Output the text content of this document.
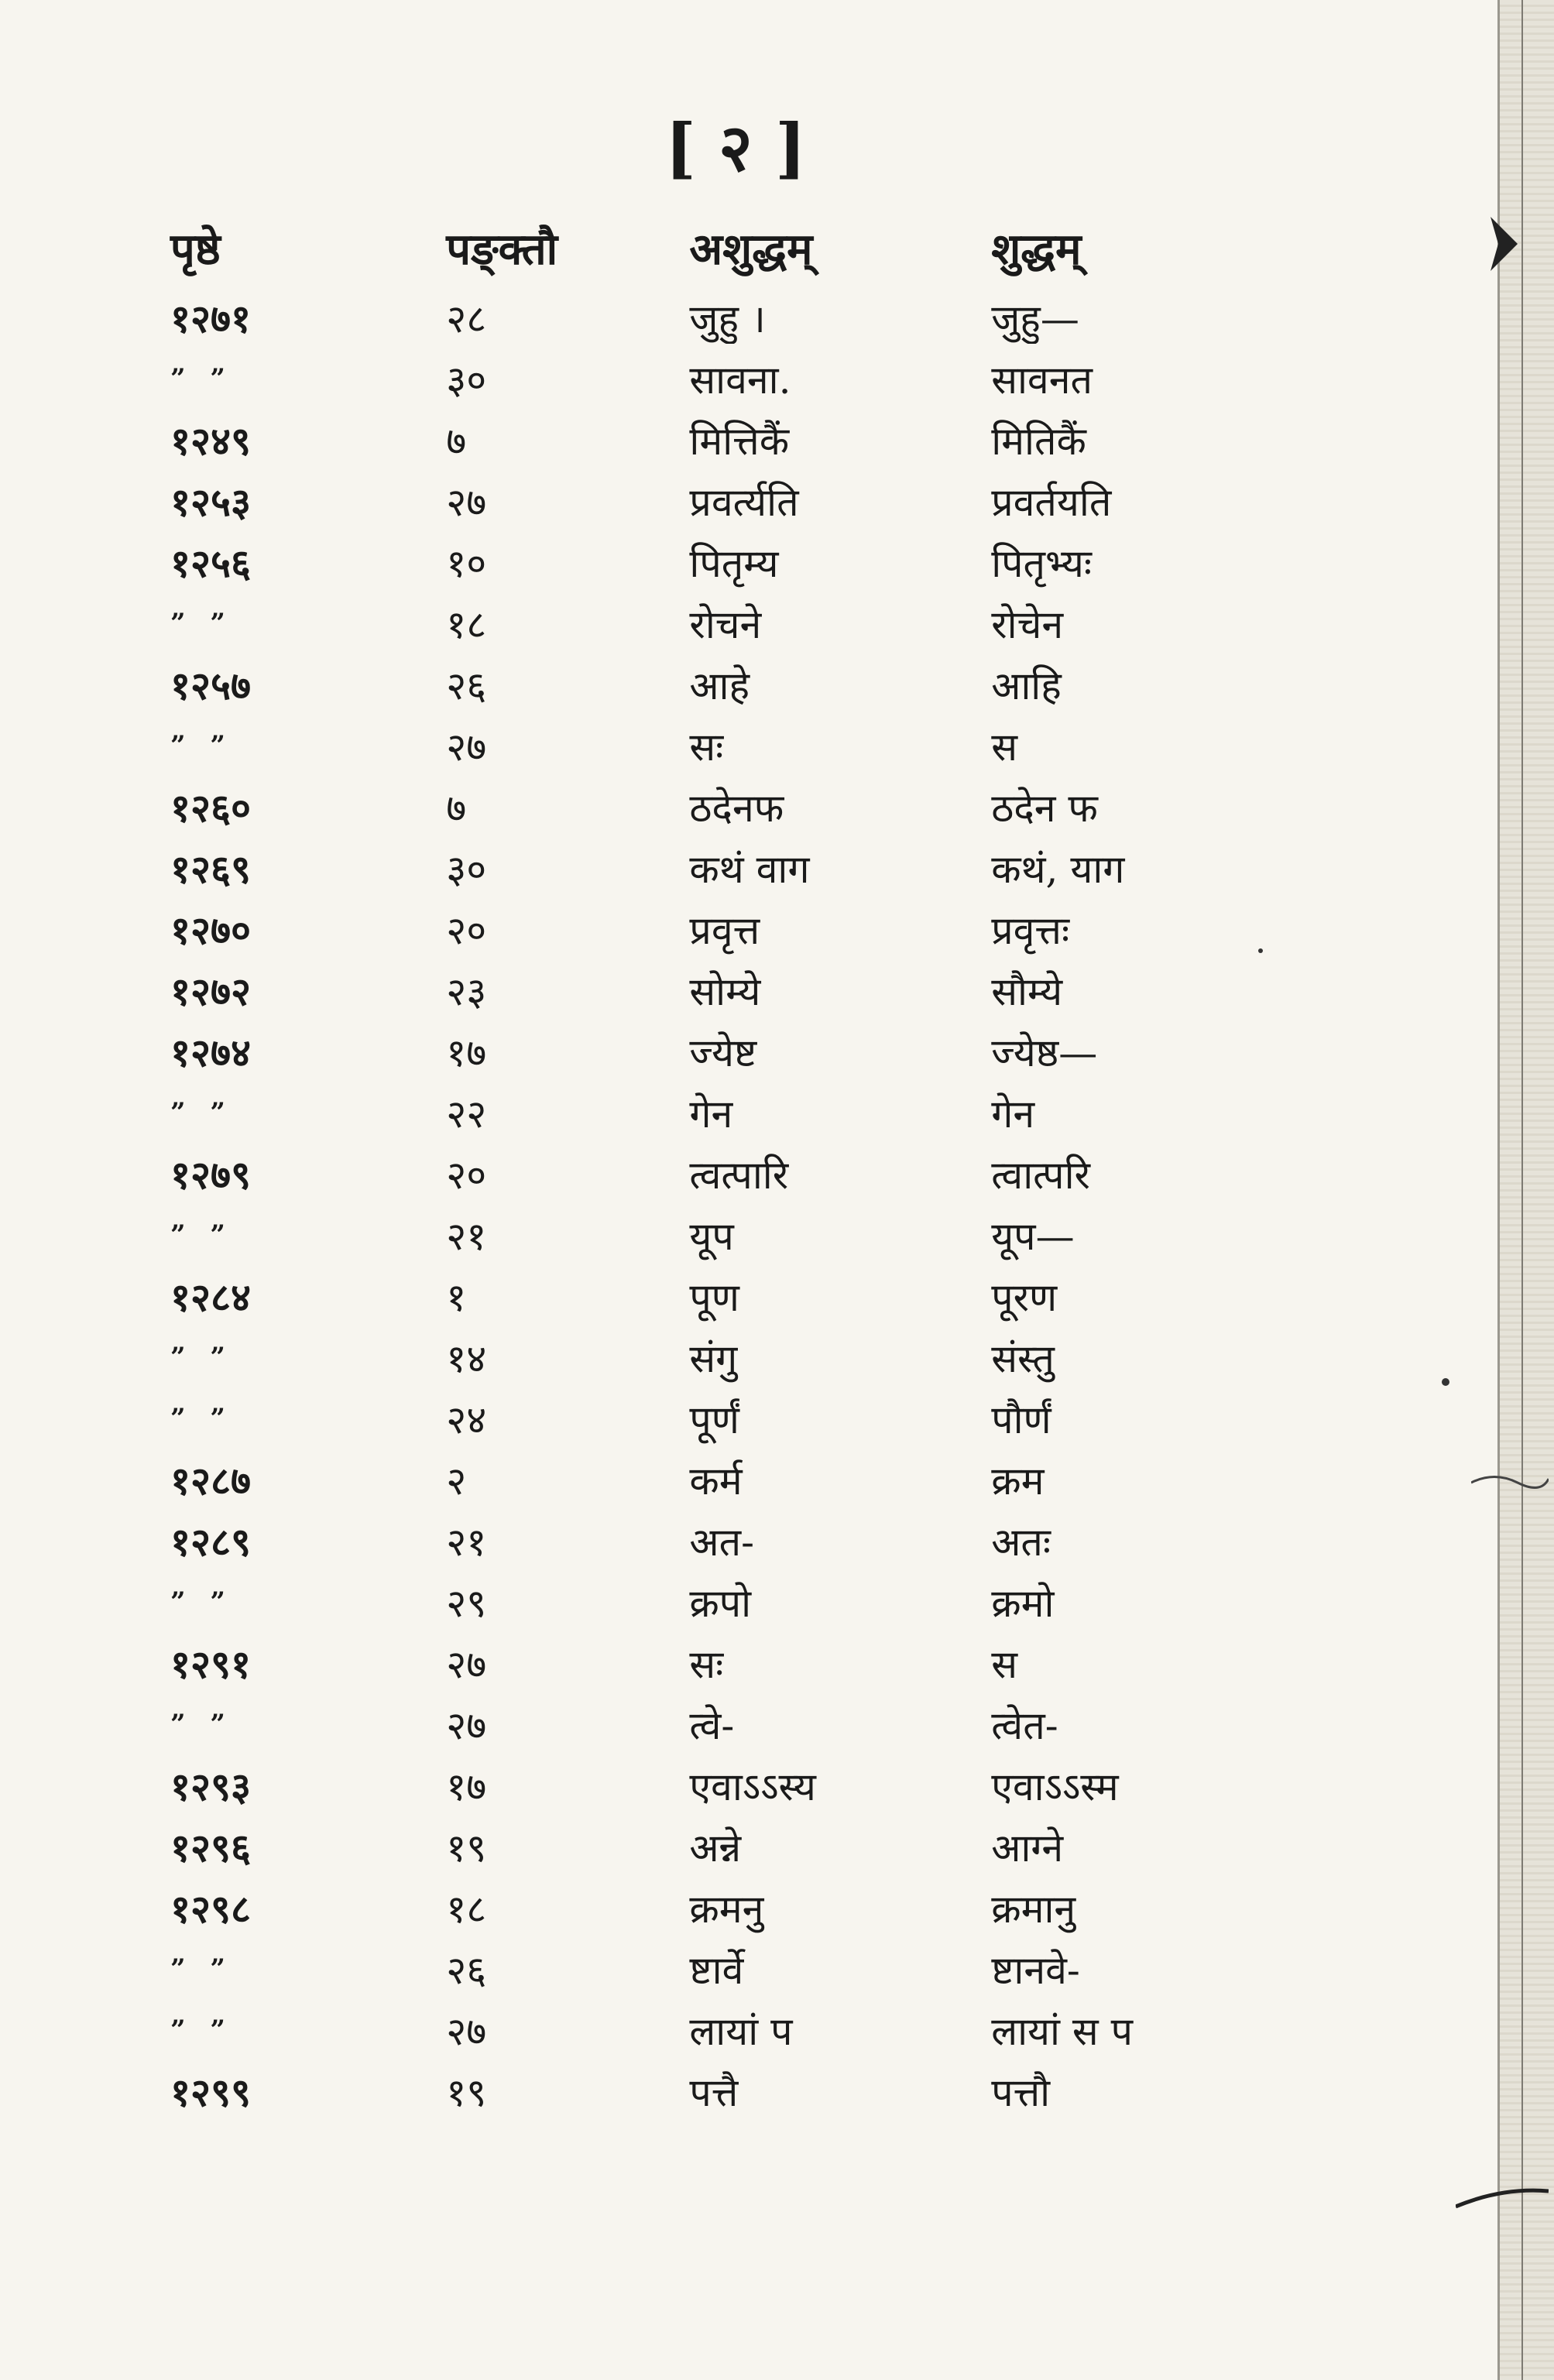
[ २ ]
पृष्ठे	पङ्क्तौ	अशुद्धम्	शुद्धम्
१२७१	२८	जुहु ।	जुहु—
” ”	३०	सावना.	सावनत
१२४९	७	मित्तिकैं	मितिकैं
१२५३	२७	प्रवर्त्यति	प्रवर्तयति
१२५६	१०	पितृम्य	पितृभ्यः
” ”	१८	रोचने	रोचेन
१२५७	२६	आहे	आहि
” ”	२७	सः	स
१२६०	७	ठदेनफ	ठदेन फ
१२६९	३०	कथं वाग	कथं, याग
१२७०	२०	प्रवृत्त	प्रवृत्तः
१२७२	२३	सोम्ये	सौम्ये
१२७४	१७	ज्येष्ट	ज्येष्ठ—
” ”	२२	गेन	गेन
१२७९	२०	त्वत्पारि	त्वात्परि
” ”	२१	यूप	यूप—
१२८४	१	पूण	पूरण
” ”	१४	संगु	संस्तु
” ”	२४	पूर्णं	पौर्णं
१२८७	२	कर्म	क्रम
१२८९	२१	अत-	अतः
” ”	२९	क्रपो	क्रमो
१२९१	२७	सः	स
” ”	२७	त्वे-	त्वेत-
१२९३	१७	एवाऽऽस्य	एवाऽऽस्म
१२९६	१९	अन्ने	आग्ने
१२९८	१८	क्रमनु	क्रमानु
” ”	२६	ष्टार्वे	ष्टानवे-
” ”	२७	लायां प	लायां स प
१२९९	१९	पत्तै	पत्तौ
